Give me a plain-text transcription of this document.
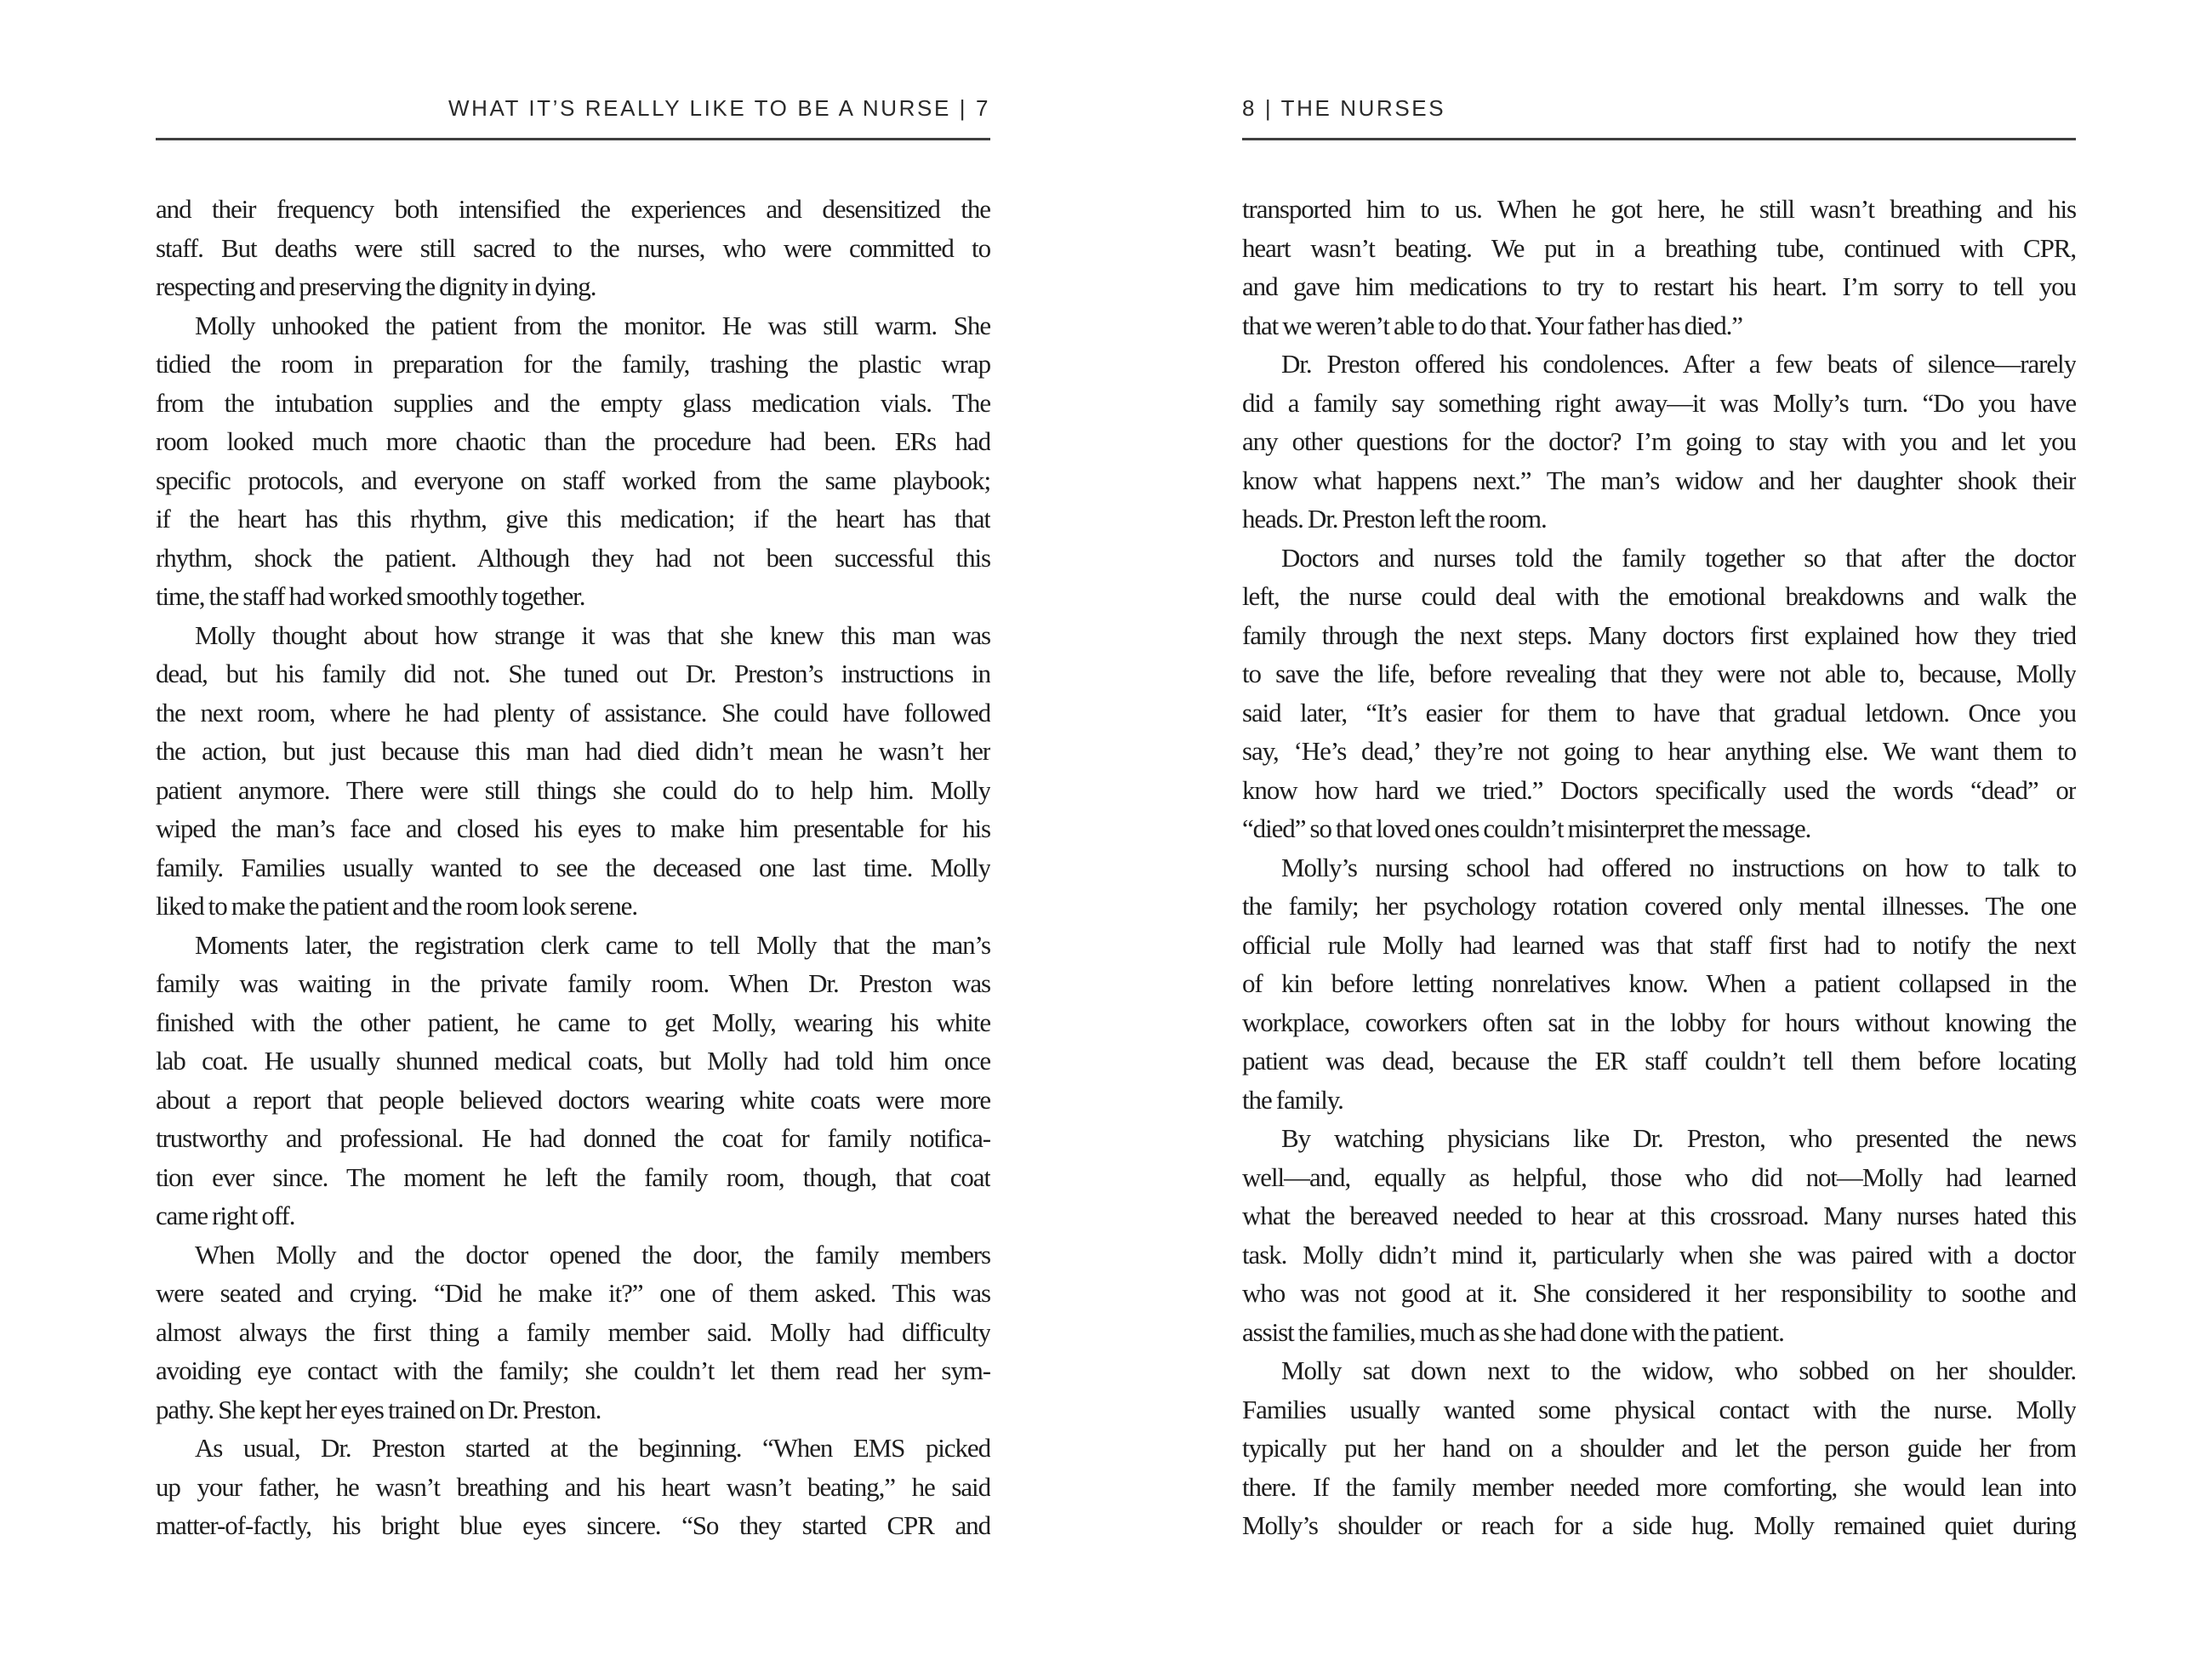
WHAT IT’S REALLY LIKE TO BE A NURSE | 7
and their frequency both intensified the experiences and desensitized the
staff. But deaths were still sacred to the nurses, who were committed to
respecting and preserving the dignity in dying.
Molly unhooked the patient from the monitor. He was still warm. She
tidied the room in preparation for the family, trashing the plastic wrap
from the intubation supplies and the empty glass medication vials. The
room looked much more chaotic than the procedure had been. ERs had
specific protocols, and everyone on staff worked from the same playbook;
if the heart has this rhythm, give this medication; if the heart has that
rhythm, shock the patient. Although they had not been successful this
time, the staff had worked smoothly together.
Molly thought about how strange it was that she knew this man was
dead, but his family did not. She tuned out Dr. Preston’s instructions in
the next room, where he had plenty of assistance. She could have followed
the action, but just because this man had died didn’t mean he wasn’t her
patient anymore. There were still things she could do to help him. Molly
wiped the man’s face and closed his eyes to make him presentable for his
family. Families usually wanted to see the deceased one last time. Molly
liked to make the patient and the room look serene.
Moments later, the registration clerk came to tell Molly that the man’s
family was waiting in the private family room. When Dr. Preston was
finished with the other patient, he came to get Molly, wearing his white
lab coat. He usually shunned medical coats, but Molly had told him once
about a report that people believed doctors wearing white coats were more
trustworthy and professional. He had donned the coat for family notifica-
tion ever since. The moment he left the family room, though, that coat
came right off.
When Molly and the doctor opened the door, the family members
were seated and crying. “Did he make it?” one of them asked. This was
almost always the first thing a family member said. Molly had difficulty
avoiding eye contact with the family; she couldn’t let them read her sym-
pathy. She kept her eyes trained on Dr. Preston.
As usual, Dr. Preston started at the beginning. “When EMS picked
up your father, he wasn’t breathing and his heart wasn’t beating,” he said
matter-of-factly, his bright blue eyes sincere. “So they started CPR and
8 | THE NURSES
transported him to us. When he got here, he still wasn’t breathing and his
heart wasn’t beating. We put in a breathing tube, continued with CPR,
and gave him medications to try to restart his heart. I’m sorry to tell you
that we weren’t able to do that. Your father has died.”
Dr. Preston offered his condolences. After a few beats of silence—rarely
did a family say something right away—it was Molly’s turn. “Do you have
any other questions for the doctor? I’m going to stay with you and let you
know what happens next.” The man’s widow and her daughter shook their
heads. Dr. Preston left the room.
Doctors and nurses told the family together so that after the doctor
left, the nurse could deal with the emotional breakdowns and walk the
family through the next steps. Many doctors first explained how they tried
to save the life, before revealing that they were not able to, because, Molly
said later, “It’s easier for them to have that gradual letdown. Once you
say, ‘He’s dead,’ they’re not going to hear anything else. We want them to
know how hard we tried.” Doctors specifically used the words “dead” or
“died” so that loved ones couldn’t misinterpret the message.
Molly’s nursing school had offered no instructions on how to talk to
the family; her psychology rotation covered only mental illnesses. The one
official rule Molly had learned was that staff first had to notify the next
of kin before letting nonrelatives know. When a patient collapsed in the
workplace, coworkers often sat in the lobby for hours without knowing the
patient was dead, because the ER staff couldn’t tell them before locating
the family.
By watching physicians like Dr. Preston, who presented the news
well—and, equally as helpful, those who did not—Molly had learned
what the bereaved needed to hear at this crossroad. Many nurses hated this
task. Molly didn’t mind it, particularly when she was paired with a doctor
who was not good at it. She considered it her responsibility to soothe and
assist the families, much as she had done with the patient.
Molly sat down next to the widow, who sobbed on her shoulder.
Families usually wanted some physical contact with the nurse. Molly
typically put her hand on a shoulder and let the person guide her from
there. If the family member needed more comforting, she would lean into
Molly’s shoulder or reach for a side hug. Molly remained quiet during
